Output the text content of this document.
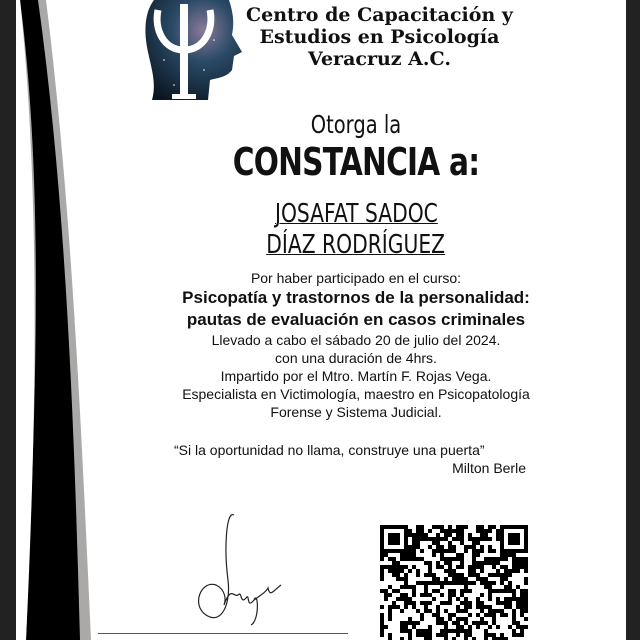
Centro de Capacitación y
Estudios en Psicología
Veracruz A.C.
Otorga la
CONSTANCIA a:
JOSAFAT SADOC
DÍAZ RODRÍGUEZ
Por haber participado en el curso:
Psicopatía y trastornos de la personalidad:
pautas de evaluación en casos criminales
Llevado a cabo el sábado 20 de julio del 2024.
con una duración de 4hrs.
Impartido por el Mtro. Martín F. Rojas Vega.
Especialista en Victimología, maestro en Psicopatología
Forense y Sistema Judicial.
“Si la oportunidad no llama, construye una puerta”
Milton Berle
